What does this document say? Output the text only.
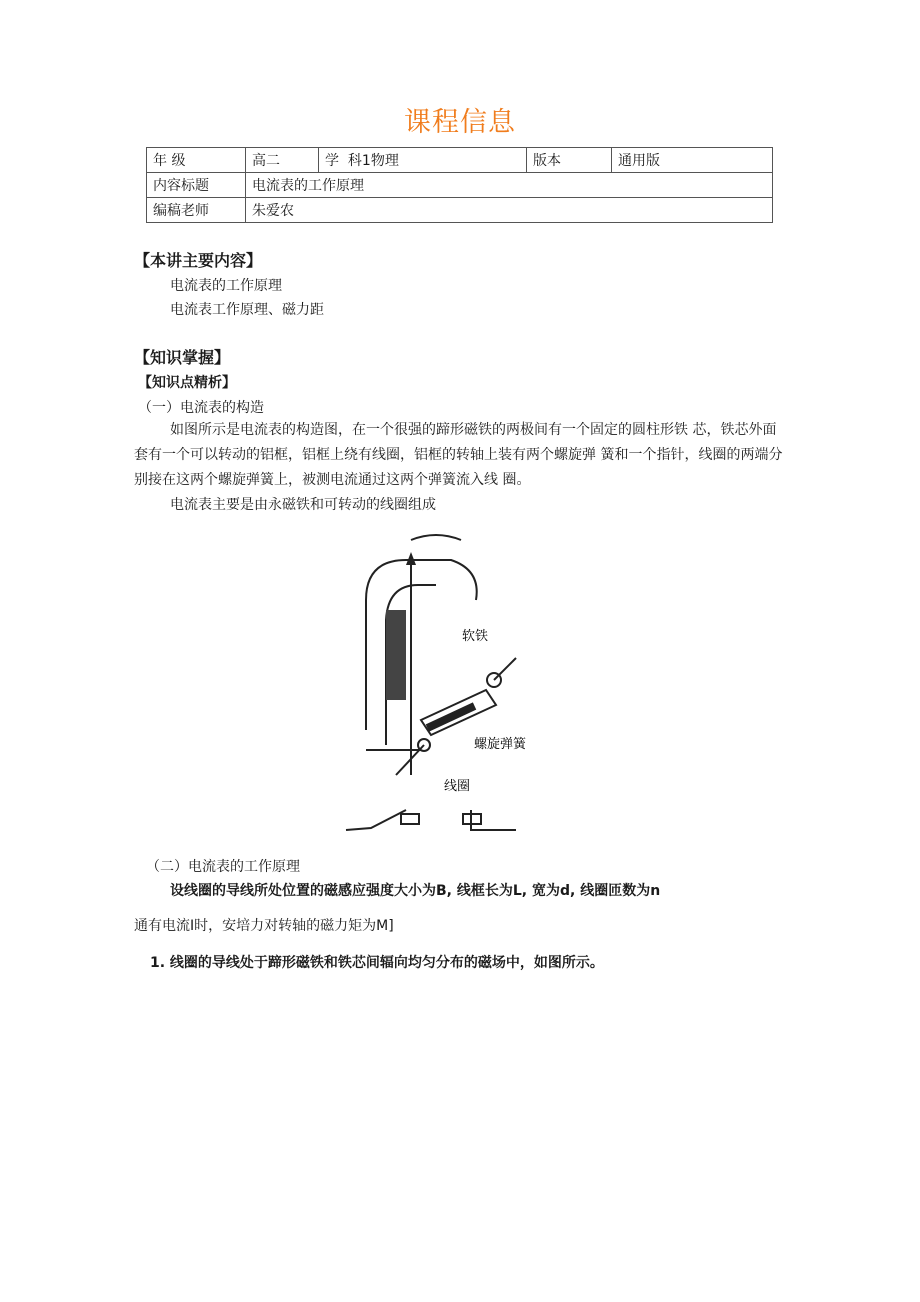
课程信息
年 级	高二	学  科1物理	版本	通用版
内容标题	电流表的工作原理			
编稿老师	朱爱农			
【本讲主要内容】
电流表的工作原理
电流表工作原理、磁力距
【知识掌握】
【知识点精析】
（一）电流表的构造
如图所示是电流表的构造图，在一个很强的蹄形磁铁的两极间有一个固定的圆柱形铁 芯，铁芯外面套有一个可以转动的铝框，铝框上绕有线圈，铝框的转轴上装有两个螺旋弹 簧和一个指针，线圈的两端分别接在这两个螺旋弹簧上，被测电流通过这两个弹簧流入线 圈。
电流表主要是由永磁铁和可转动的线圈组成
软铁
螺旋弹簧
线圈
（二）电流表的工作原理
设线圈的导线所处位置的磁感应强度大小为B, 线框长为L, 宽为d, 线圈匝数为n
通有电流I时，安培力对转轴的磁力矩为M]
1. 线圈的导线处于蹄形磁铁和铁芯间辐向均匀分布的磁场中，如图所示。
